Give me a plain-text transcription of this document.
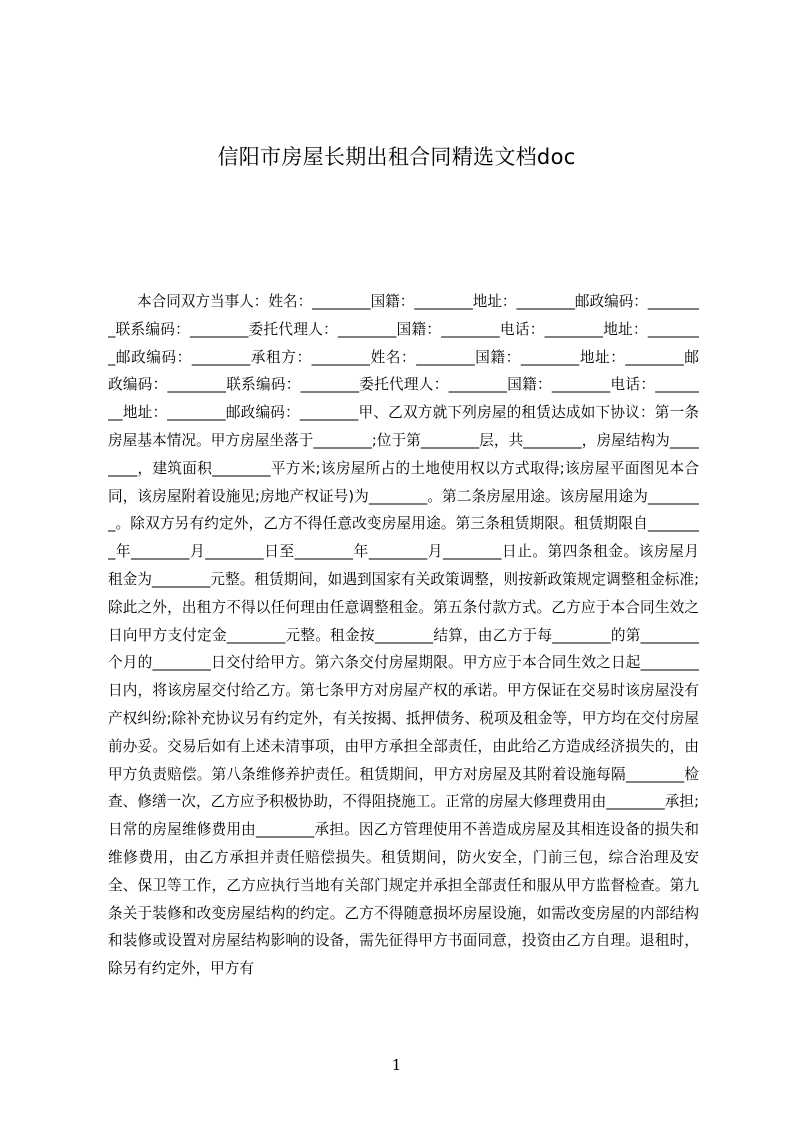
信阳市房屋长期出租合同精选文档doc

本合同双方当事人：姓名：________国籍：________地址：________邮政编码：________联系编码：________委托代理人：________国籍：________电话：________地址：________邮政编码：________承租方：________姓名：________国籍：________地址：________邮政编码：________联系编码：________委托代理人：________国籍：________电话：________地址：________邮政编码：________甲、乙双方就下列房屋的租赁达成如下协议：第一条房屋基本情况。甲方房屋坐落于________;位于第________层，共________，房屋结构为________，建筑面积________平方米;该房屋所占的土地使用权以方式取得;该房屋平面图见本合同，该房屋附着设施见;房地产权证号)为________。第二条房屋用途。该房屋用途为________。除双方另有约定外，乙方不得任意改变房屋用途。第三条租赁期限。租赁期限自________年________月________日至________年________月________日止。第四条租金。该房屋月租金为________元整。租赁期间，如遇到国家有关政策调整，则按新政策规定调整租金标准;除此之外，出租方不得以任何理由任意调整租金。第五条付款方式。乙方应于本合同生效之日向甲方支付定金________元整。租金按________结算，由乙方于每________的第________个月的________日交付给甲方。第六条交付房屋期限。甲方应于本合同生效之日起________日内，将该房屋交付给乙方。第七条甲方对房屋产权的承诺。甲方保证在交易时该房屋没有产权纠纷;除补充协议另有约定外，有关按揭、抵押债务、税项及租金等，甲方均在交付房屋前办妥。交易后如有上述未清事项，由甲方承担全部责任，由此给乙方造成经济损失的，由甲方负责赔偿。第八条维修养护责任。租赁期间，甲方对房屋及其附着设施每隔________检查、修缮一次，乙方应予积极协助，不得阻挠施工。正常的房屋大修理费用由________承担;日常的房屋维修费用由________承担。因乙方管理使用不善造成房屋及其相连设备的损失和维修费用，由乙方承担并责任赔偿损失。租赁期间，防火安全，门前三包，综合治理及安全、保卫等工作，乙方应执行当地有关部门规定并承担全部责任和服从甲方监督检查。第九条关于装修和改变房屋结构的约定。乙方不得随意损坏房屋设施，如需改变房屋的内部结构和装修或设置对房屋结构影响的设备，需先征得甲方书面同意，投资由乙方自理。退租时，除另有约定外，甲方有

1
